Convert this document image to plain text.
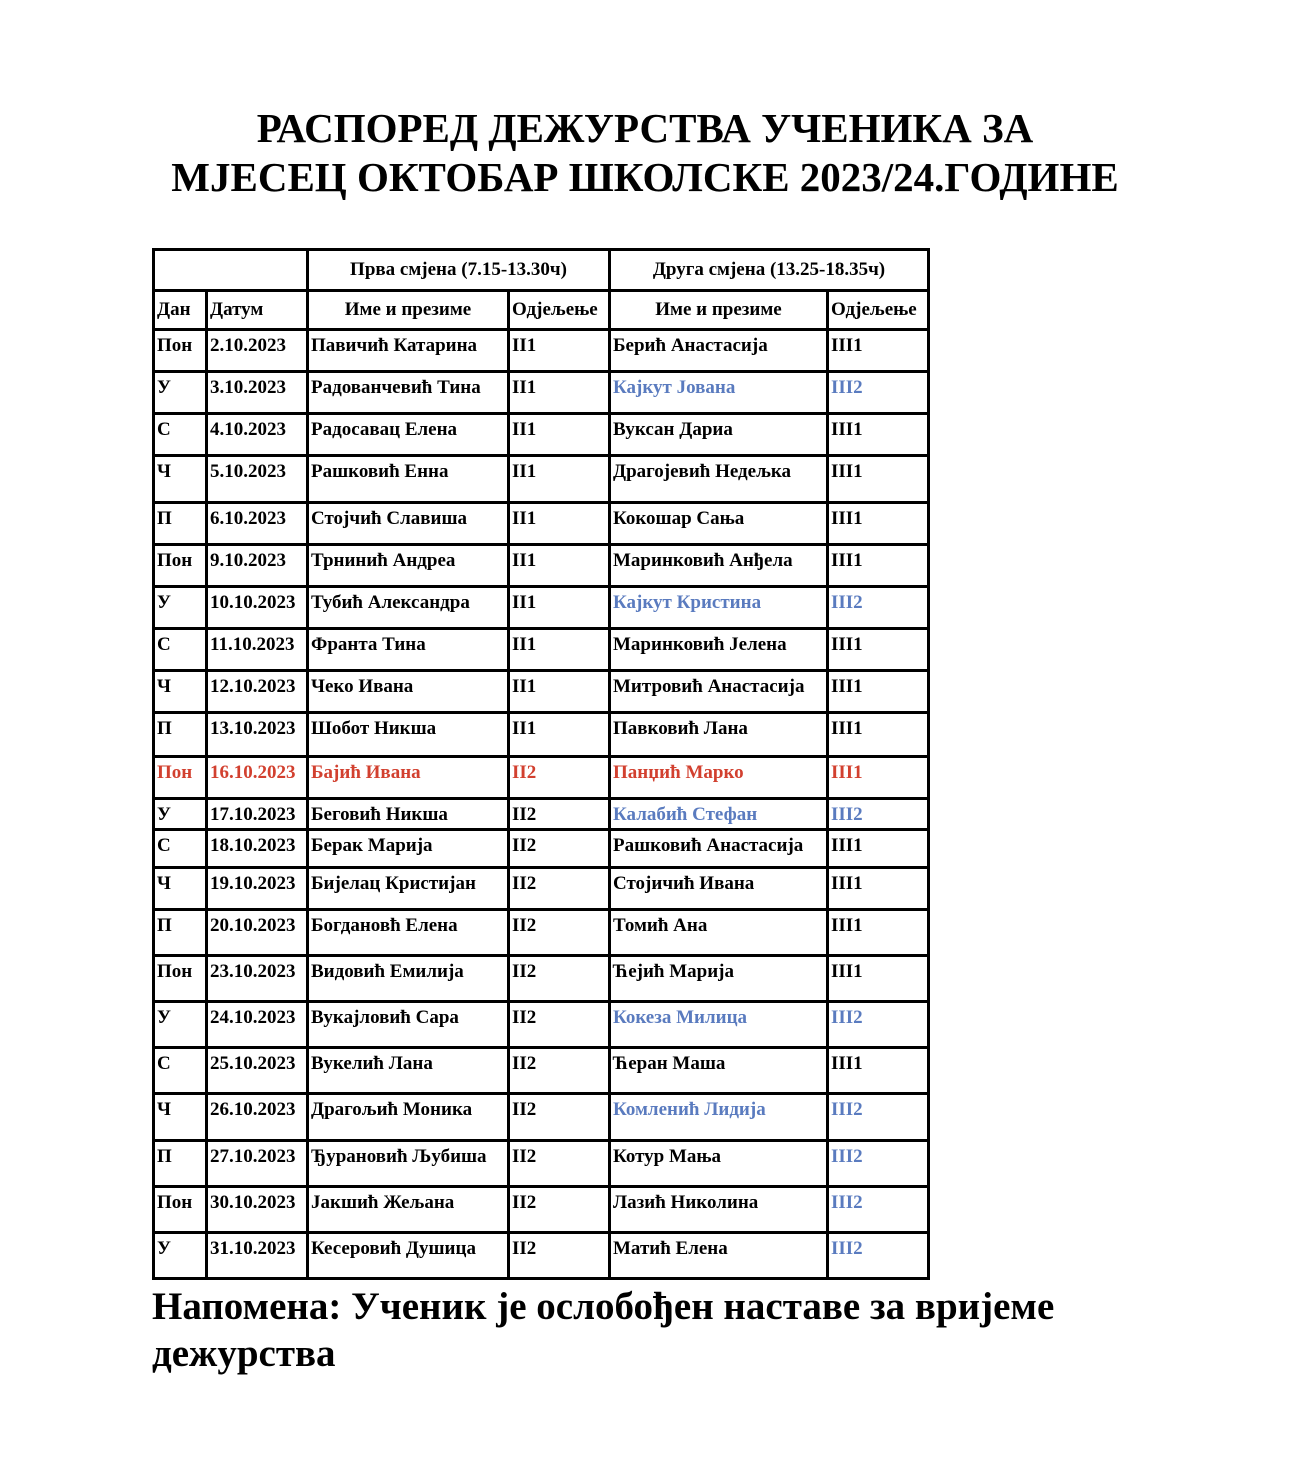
РАСПОРЕД ДЕЖУРСТВА УЧЕНИКА ЗА
МЈЕСЕЦ ОКТОБАР ШКОЛСКЕ 2023/24.ГОДИНЕ
		Прва смјена (7.15-13.30ч)		Друга смјена (13.25-18.35ч)	
Дан	Датум	Име и презиме	Одјељење	Име и презиме	Одјељење
Пон	2.10.2023	Павичић Катарина	II1	Берић Анастасија	III1
У	3.10.2023	Радованчевић Тина	II1	Кајкут Јована	III2
С	4.10.2023	Радосавац Елена	II1	Вуксан Дариа	III1
Ч	5.10.2023	Рашковић Енна	II1	Драгојевић Недељка	III1
П	6.10.2023	Стојчић Славиша	II1	Кокошар Сања	III1
Пон	9.10.2023	Трнинић Андреа	II1	Маринковић Анђела	III1
У	10.10.2023	Тубић Александра	II1	Кајкут Кристина	III2
С	11.10.2023	Франта Тина	II1	Маринковић Јелена	III1
Ч	12.10.2023	Чеко Ивана	II1	Митровић Анастасија	III1
П	13.10.2023	Шобот Никша	II1	Павковић Лана	III1
Пон	16.10.2023	Бајић Ивана	II2	Панџић Марко	III1
У	17.10.2023	Беговић Никша	II2	Калабић Стефан	III2
С	18.10.2023	Берак Марија	II2	Рашковић Анастасија	III1
Ч	19.10.2023	Бијелац Кристијан	II2	Стојичић Ивана	III1
П	20.10.2023	Богдановћ Елена	II2	Томић Ана	III1
Пон	23.10.2023	Видовић Емилија	II2	Ћејић Марија	III1
У	24.10.2023	Вукајловић Сара	II2	Кокеза Милица	III2
С	25.10.2023	Вукелић Лана	II2	Ћеран Маша	III1
Ч	26.10.2023	Драгољић Моника	II2	Комленић Лидија	III2
П	27.10.2023	Ђурановић Љубиша	II2	Котур Мања	III2
Пон	30.10.2023	Јакшић Жељана	II2	Лазић Николина	III2
У	31.10.2023	Кесеровић Душица	II2	Матић Елена	III2

Напомена: Ученик је ослобођен наставе за вријеме дежурства
